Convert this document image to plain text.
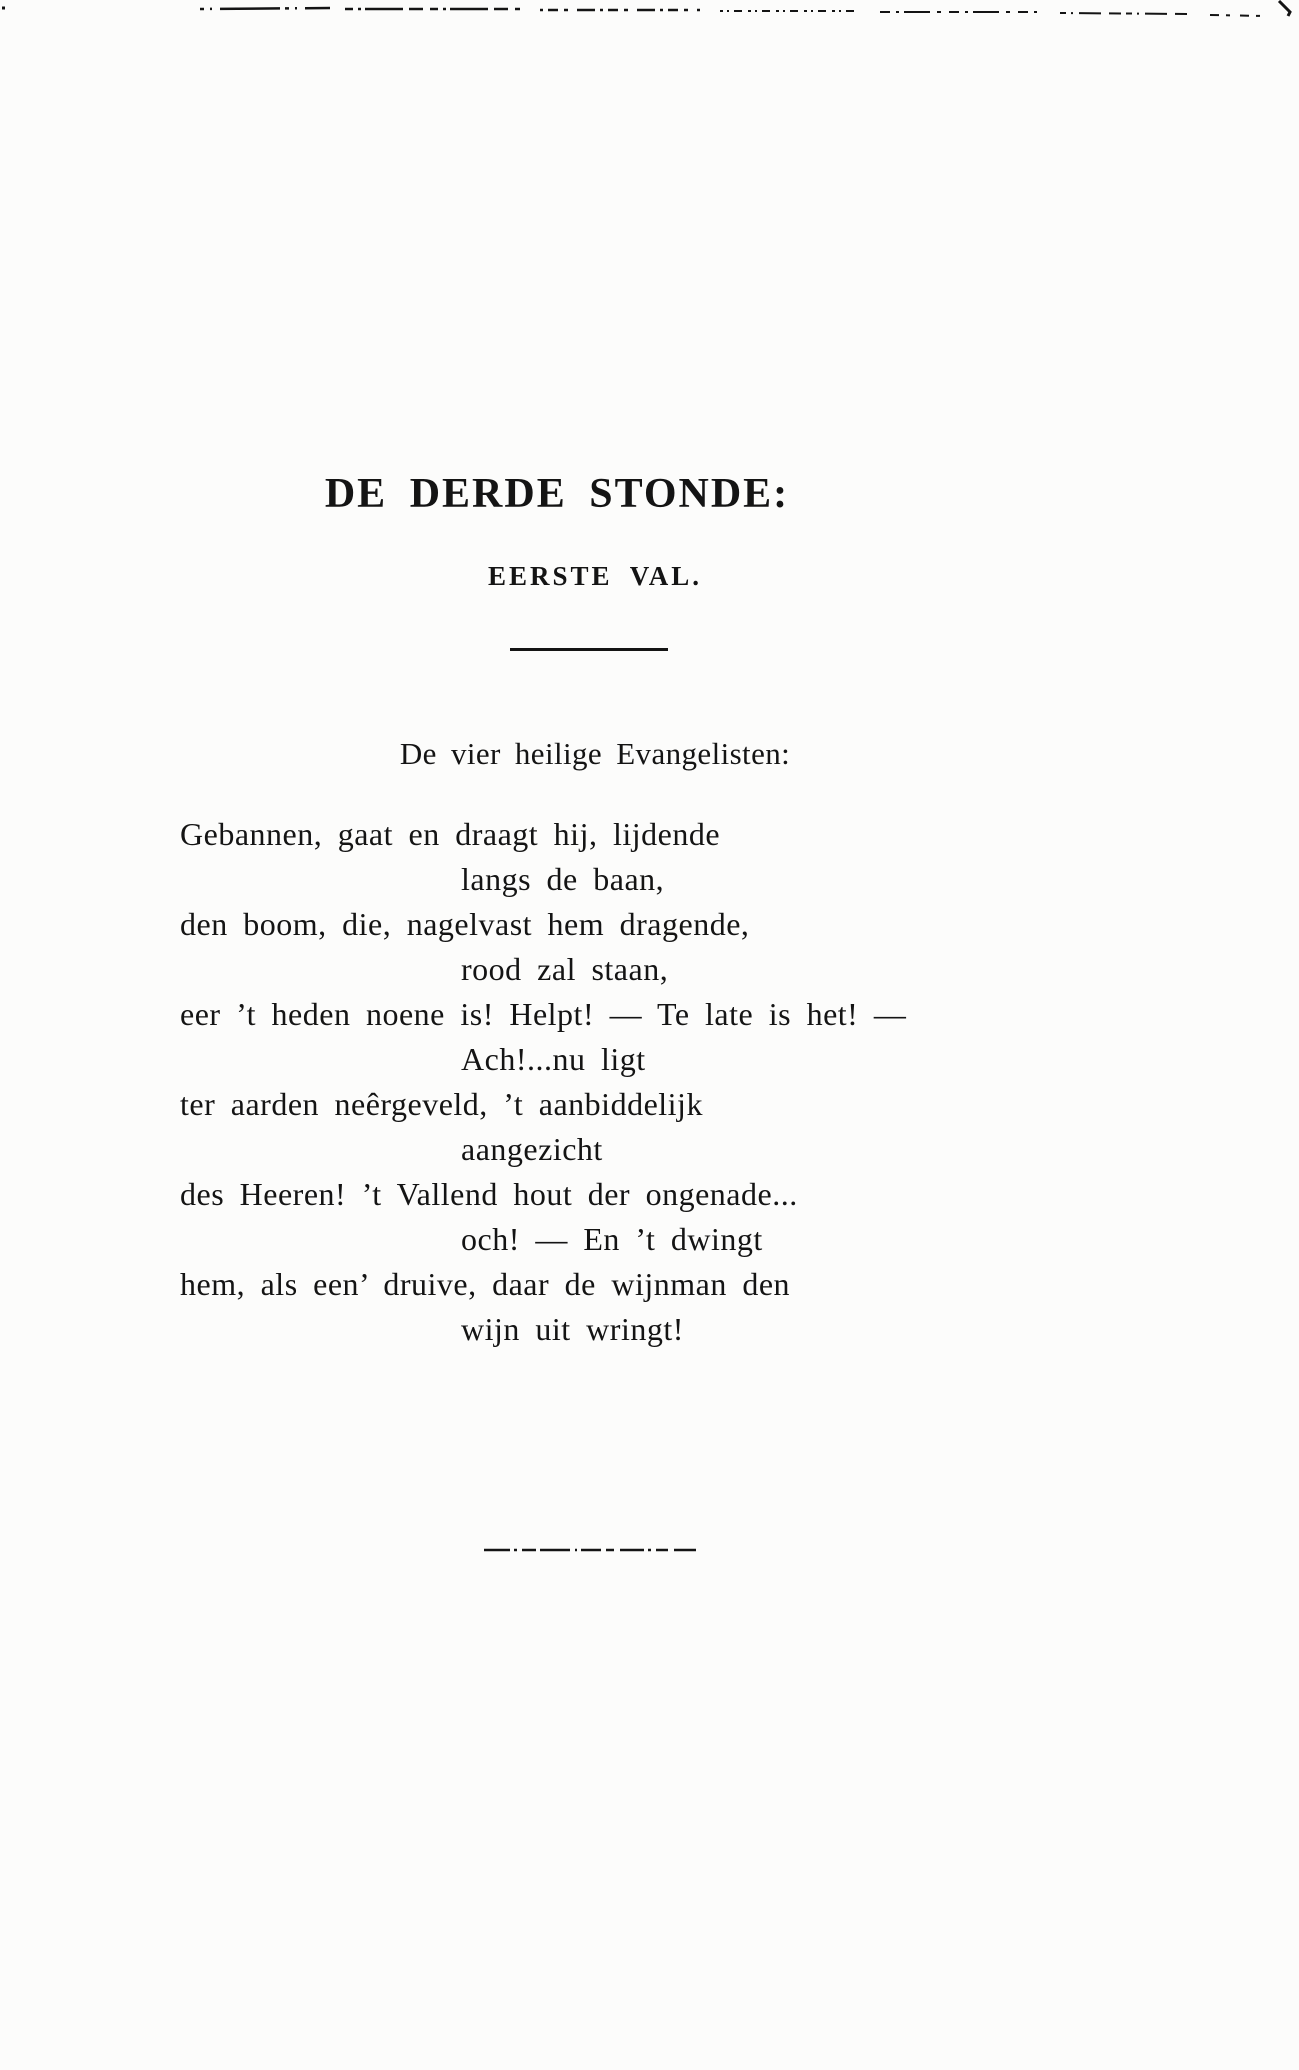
DE DERDE STONDE:
EERSTE VAL.
De vier heilige Evangelisten:
Gebannen, gaat en draagt hij, lijdende
langs de baan,
den boom, die, nagelvast hem dragende,
rood zal staan,
eer ’t heden noene is! Helpt! — Te late is het! —
Ach!...nu ligt
ter aarden neêrgeveld, ’t aanbiddelijk
aangezicht
des Heeren! ’t Vallend hout der ongenade...
och! — En ’t dwingt
hem, als een’ druive, daar de wijnman den
wijn uit wringt!
